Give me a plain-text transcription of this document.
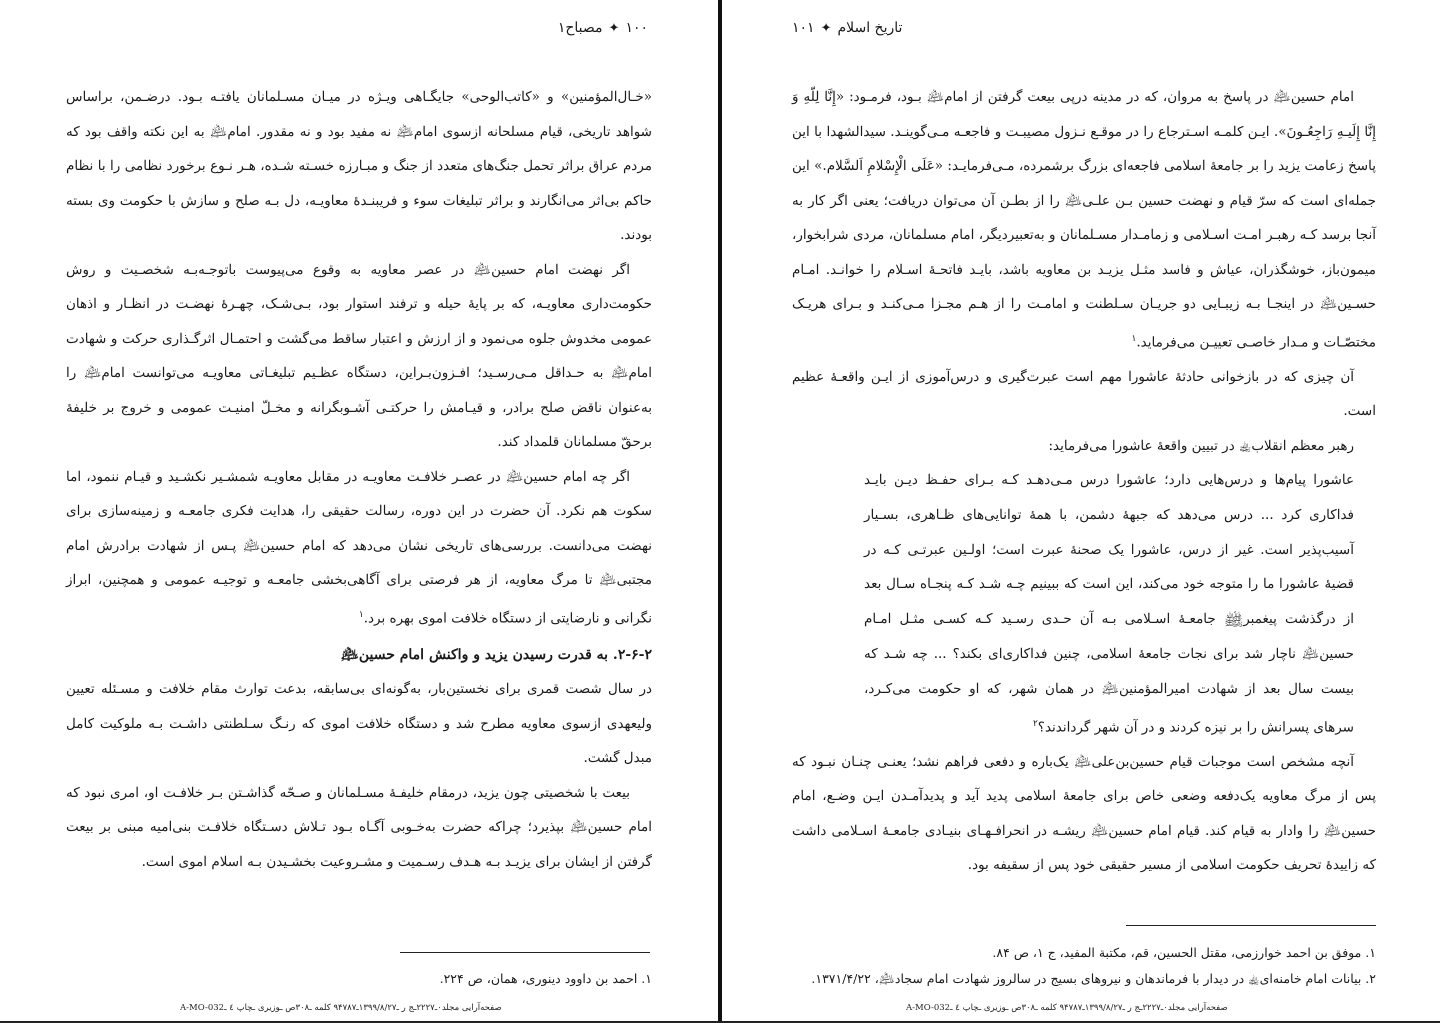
۱۰۰✦مصباح۱

«خـال‌المؤمنین» و «کاتب‌الوحی» جایگـاهی ویـژه در میـان مسـلمانان یافتـه بـود. درضـمن، براساس شواهد تاریخی، قیام مسلحانه ازسوی امام﵇ نه مفید بود و نه مقدور. امام﵇ به این نکته واقف بود که مردم عراق براثر تحمل جنگ‌های متعدد از جنگ و مبـارزه خسـته شـده، هـر نـوع برخورد نظامی را با نظام حاکم بی‌اثر می‌انگارند و براثر تبلیغات سوء و فریبنـدۀ معاویـه، دل بـه صلح و سازش با حکومت وی بسته بودند.

اگر نهضت امام حسین﵇ در عصر معاویه به وقوع می‌پیوست باتوجـه‌بـه شخصـیت و روش حکومت‌داری معاویـه، که بر پایۀ حیله و ترفند استوار بود، بـی‌شـک، چهـرۀ نهضـت در انظـار و اذهان عمومی مخدوش جلوه می‌نمود و از ارزش و اعتبار ساقط می‌گشت و احتمـال اثرگـذاری حرکت و شهادت امام﵇ به حـداقل مـی‌رسـید؛ افـزون‌بـراین، دستگاه عظـیم تبلیغـاتی معاویـه می‌توانست امام﵇ را به‌عنوان ناقض صلح برادر، و قیـامش را حرکتـی آشـوبگرانه و مخـلّ امنیـت عمومی و خروج بر خلیفۀ برحقّ مسلمانان قلمداد کند.

اگر چه امام حسین﵇ در عصـر خلافـت معاویـه در مقابل معاویـه شمشـیر نکشـید و قیـام ننمود، اما سکوت هم نکرد. آن حضرت در این دوره، رسالت حقیقی را، هدایت فکری جامعـه و زمینه‌سازی برای نهضت می‌دانست. بررسی‌های تاریخی نشان می‌دهد که امام حسین﵇ پـس از شهادت برادرش امام مجتبی﵇ تا مرگ معاویه، از هر فرصتی برای آگاهی‌بخشی جامعـه و توجیـه عمومی و همچنین، ابراز نگرانی و نارضایتی از دستگاه خلافت اموی بهره برد.$^۱$

۲-۶-۲. به قدرت رسیدن یزید و واکنش امام حسین﵇

در سال شصت قمری برای نخستین‌بار، به‌گونه‌ای بی‌سابقه، بدعت توارث مقام خلافت و مسـئله تعیین ولیعهدی ازسوی معاویه مطرح شد و دستگاه خلافت اموی که رنـگ سـلطنتی داشـت بـه ملوکیت کامل مبدل گشت.

بیعت با شخصیتی چون یزید، درمقام خلیفـۀ مسـلمانان و صـحّه گذاشـتن بـر خلافـت او، امری نبود که امام حسین﵇ بپذیرد؛ چراکه حضرت به‌خـوبی آگـاه بـود تـلاش دسـتگاه خلافـت بنی‌امیه مبنی بر بیعت گرفتن از ایشان برای یزیـد بـه هـدف رسـمیت و مشـروعیت بخشـیدن بـه اسلام اموی است.

۱. احمد بن داوود دینوری، همان، ص ۲۲۴.

صفحه‌آرایی مجلد۰ـ۲۲۲۷ـج ر ـ۱۳۹۹/۸/۲۷ـ۹۴۷۸۷ کلمه ـ۳۰۸ص ـوزیری ـچاپ ٤ ـA-MO-032
تاریخ اسلام✦۱۰۱

امام حسین﵇ در پاسخ به مروان، که در مدینه درپی بیعت گرفتن از امام﵇ بـود، فرمـود: «إِنَّا لِلّهِ وَ إِنَّا إِلَیـهِ رَاجِعُـونَ». ایـن کلمـه اسـترجاع را در موقـع نـزول مصیبـت و فاجعـه مـی‌گوینـد. سیدالشهدا با این پاسخ زعامت یزید را بر جامعۀ اسلامی فاجعه‌ای بزرگ برشمرده، مـی‌فرمایـد: «عَلَی الْإِسْلامِ اَلسَّلام.» این جمله‌ای است که سرّ قیام و نهضت حسین بـن علـی﵇ را از بطـن آن می‌توان دریافت؛ یعنی اگر کار به آنجا برسد کـه رهبـر امـت اسـلامی و زمامـدار مسـلمانان و به‌تعبیردیگر، امام مسلمانان، مردی شرابخوار، میمون‌باز، خوشگذران، عیاش و فاسد مثـل یزیـد بن معاویه باشد، بایـد فاتحـۀ اسـلام را خوانـد. امـام حسـین﵇ در اینجـا بـه زیبـایی دو جریـان سـلطنت و امامـت را از هـم مجـزا مـی‌کنـد و بـرای هریـک مختصّـات و مـدار خاصـی تعییـن می‌فرماید.$^۱$

آن چیزی که در بازخوانی حادثۀ عاشورا مهم است عبرت‌گیری و درس‌آموزی از ایـن واقعـۀ عظیم است.

رهبر معظم انقلاب﵀ در تبیین واقعۀ عاشورا می‌فرماید:

عاشورا پیام‌ها و درس‌هایی دارد؛ عاشورا درس مـی‌دهـد کـه بـرای حفـظ دیـن بایـد فداکاری کرد ... درس می‌دهد که جبهۀ دشمن، با همۀ توانایی‌های ظـاهری، بسـیار آسیب‌پذیر است. غیر از درس، عاشورا یک صحنۀ عبرت است؛ اولـین عبرتـی کـه در قضیۀ عاشورا ما را متوجه خود می‌کند، این است که ببینیم چـه شـد کـه پنجـاه سـال بعد از درگذشت پیغمبر﵌ جامعـۀ اسـلامی بـه آن حـدی رسـید کـه کسـی مثـل امـام حسین﵇ ناچار شد برای نجات جامعۀ اسلامی، چنین فداکاری‌ای بکند؟ ... چه شـد که بیست سال بعد از شهادت امیرالمؤمنین﵇ در همان شهر، که او حکومت می‌کـرد، سرهای پسرانش را بر نیزه کردند و در آن شهر گرداندند؟$^۲$

آنچه مشخص است موجبات قیام حسین‌بن‌علی﵇ یک‌باره و دفعی فراهم نشد؛ یعنـی چنـان نبـود که پس از مرگ معاویه یک‌دفعه وضعی خاص برای جامعۀ اسلامی پدید آید و پدیدآمـدن ایـن وضـع، امام حسین﵇ را وادار به قیام کند. قیام امام حسین﵇ ریشـه در انحرافـهـای بنیـادی جامعـۀ اسـلامی داشت که زاییدۀ تحریف حکومت اسلامی از مسیر حقیقی خود پس از سقیفه بود.

۱. موفق بن احمد خوارزمی، مقتل الحسین، قم، مکتبة المفید، ج ۱، ص ۸۴.

۲. بیانات امام خامنه‌ای﵀ در دیدار با فرماندهان و نیروهای بسیج در سالروز شهادت امام سجاد﵇، ۱۳۷۱/۴/۲۲.

صفحه‌آرایی مجلد۰ـ۲۲۲۷ـج ر ـ۱۳۹۹/۸/۲۷ـ۹۴۷۸۷ کلمه ـ۳۰۸ص ـوزیری ـچاپ ٤ ـA-MO-032
